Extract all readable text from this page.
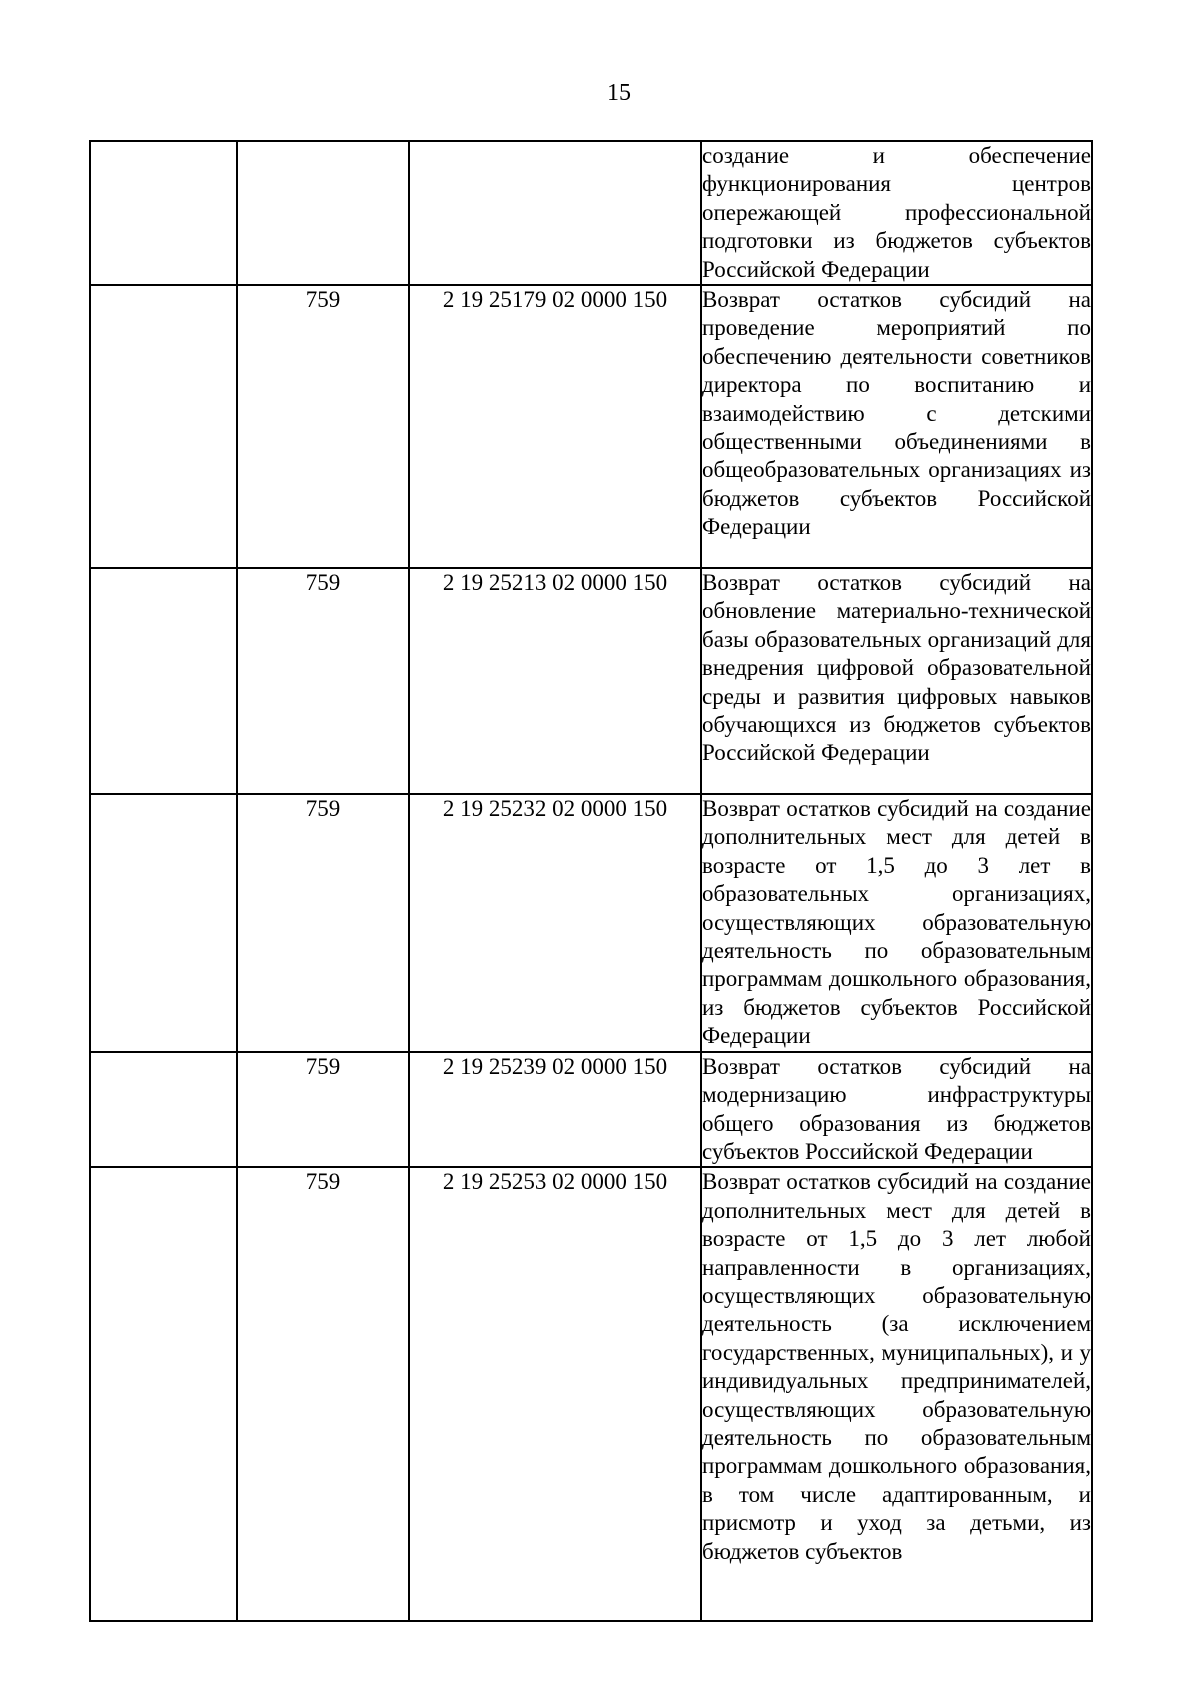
15

			создание и обеспечение функционирования центров опережающей профессиональной подготовки из бюджетов субъектов Российской Федерации

	759	2 19 25179 02 0000 150	Возврат остатков субсидий на проведение мероприятий по обеспечению деятельности советников директора по воспитанию и взаимодействию с детскими общественными объединениями в общеобразовательных организациях из бюджетов субъектов Российской Федерации

	759	2 19 25213 02 0000 150	Возврат остатков субсидий на обновление материально-технической базы образовательных организаций для внедрения цифровой образовательной среды и развития цифровых навыков обучающихся из бюджетов субъектов Российской Федерации

	759	2 19 25232 02 0000 150	Возврат остатков субсидий на создание дополнительных мест для детей в возрасте от 1,5 до 3 лет в образовательных организациях, осуществляющих образовательную деятельность по образовательным программам дошкольного образования, из бюджетов субъектов Российской Федерации

	759	2 19 25239 02 0000 150	Возврат остатков субсидий на модернизацию инфраструктуры общего образования из бюджетов субъектов Российской Федерации

	759	2 19 25253 02 0000 150	Возврат остатков субсидий на создание дополнительных мест для детей в возрасте от 1,5 до 3 лет любой направленности в организациях, осуществляющих образовательную деятельность (за исключением государственных, муниципальных), и у индивидуальных предпринимателей, осуществляющих образовательную деятельность по образовательным программам дошкольного образования, в том числе адаптированным, и присмотр и уход за детьми, из бюджетов субъектов
